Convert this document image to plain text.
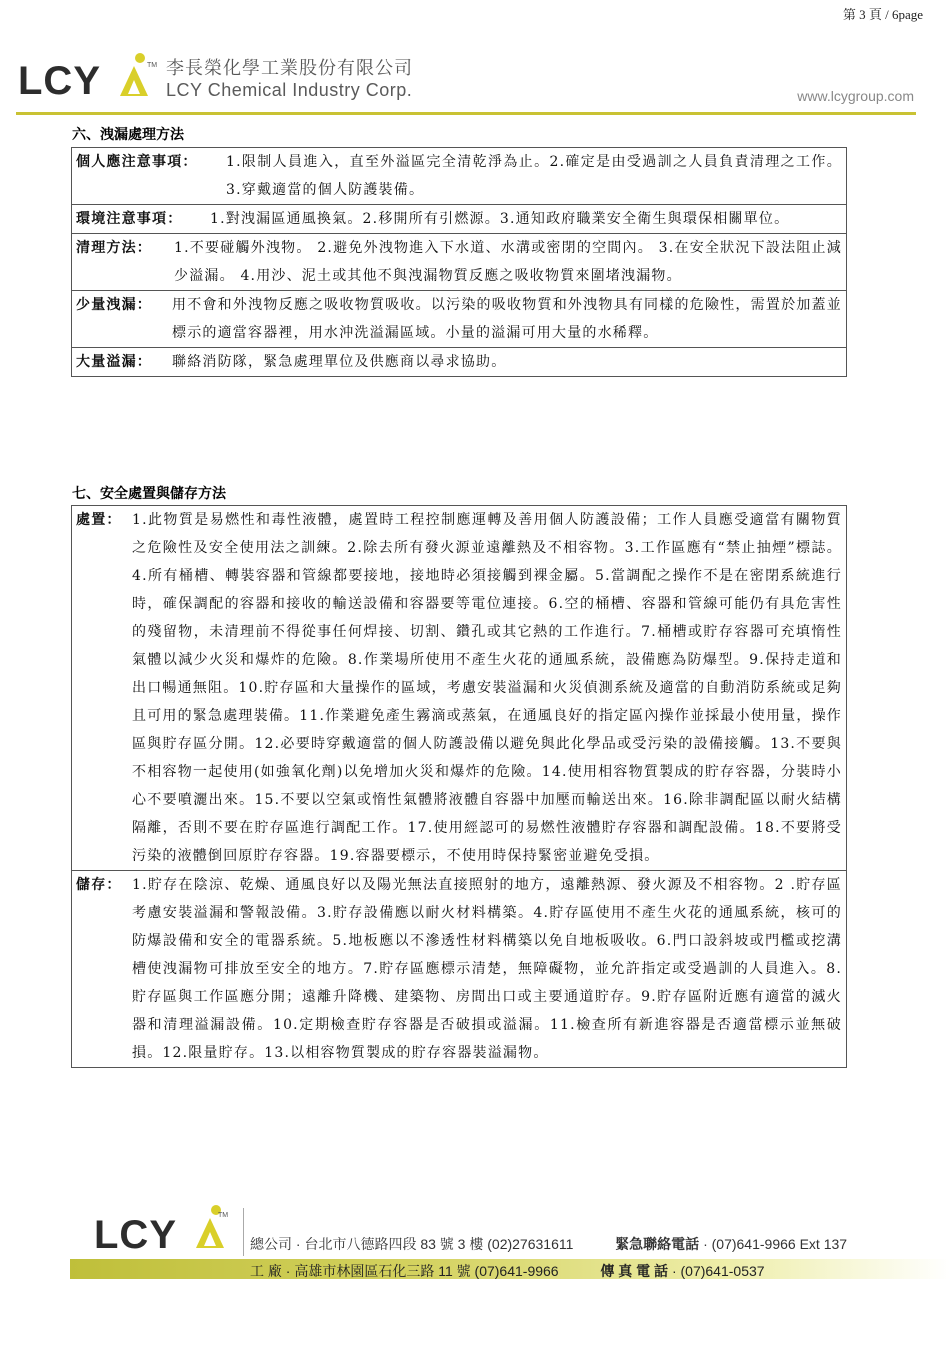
第 3 頁 / 6page
LCY	TM 李長榮化學工業股份有限公司
LCY Chemical Industry Corp.	www.lcygroup.com
六、洩漏處理方法
個人應注意事項： 1.限制人員進入，直至外溢區完全清乾淨為止。2.確定是由受過訓之人員負責清理之工作。3.穿戴適當的個人防護裝備。
環境注意事項： 1.對洩漏區通風換氣。2.移開所有引燃源。3.通知政府職業安全衛生與環保相關單位。
清理方法： 1.不要碰觸外洩物。 2.避免外洩物進入下水道、水溝或密閉的空間內。 3.在安全狀況下設法阻止減少溢漏。 4.用沙、泥土或其他不與洩漏物質反應之吸收物質來圍堵洩漏物。
少量洩漏： 用不會和外洩物反應之吸收物質吸收。以污染的吸收物質和外洩物具有同樣的危險性，需置於加蓋並標示的適當容器裡，用水沖洗溢漏區域。小量的溢漏可用大量的水稀釋。
大量溢漏： 聯絡消防隊，緊急處理單位及供應商以尋求協助。
七、安全處置與儲存方法
處置： 1.此物質是易燃性和毒性液體，處置時工程控制應運轉及善用個人防護設備；工作人員應受適當有關物質之危險性及安全使用法之訓練。2.除去所有發火源並遠離熱及不相容物。3.工作區應有“禁止抽煙”標誌。4.所有桶槽、轉裝容器和管線都要接地，接地時必須接觸到裸金屬。5.當調配之操作不是在密閉系統進行時，確保調配的容器和接收的輸送設備和容器要等電位連接。6.空的桶槽、容器和管線可能仍有具危害性的殘留物，未清理前不得從事任何焊接、切割、鑽孔或其它熱的工作進行。7.桶槽或貯存容器可充填惰性氣體以減少火災和爆炸的危險。8.作業場所使用不產生火花的通風系統，設備應為防爆型。9.保持走道和出口暢通無阻。10.貯存區和大量操作的區域，考慮安裝溢漏和火災偵測系統及適當的自動消防系統或足夠且可用的緊急處理裝備。11.作業避免產生霧滴或蒸氣，在通風良好的指定區內操作並採最小使用量，操作區與貯存區分開。12.必要時穿戴適當的個人防護設備以避免與此化學品或受污染的設備接觸。13.不要與不相容物一起使用(如強氧化劑)以免增加火災和爆炸的危險。14.使用相容物質製成的貯存容器，分裝時小心不要噴灑出來。15.不要以空氣或惰性氣體將液體自容器中加壓而輸送出來。16.除非調配區以耐火結構隔離，否則不要在貯存區進行調配工作。17.使用經認可的易燃性液體貯存容器和調配設備。18.不要將受污染的液體倒回原貯存容器。19.容器要標示，不使用時保持緊密並避免受損。
儲存： 1.貯存在陰涼、乾燥、通風良好以及陽光無法直接照射的地方，遠離熱源、發火源及不相容物。2 .貯存區考慮安裝溢漏和警報設備。3.貯存設備應以耐火材料構築。4.貯存區使用不產生火花的通風系統，核可的防爆設備和安全的電器系統。5.地板應以不滲透性材料構築以免自地板吸收。6.門口設斜坡或門檻或挖溝槽使洩漏物可排放至安全的地方。7.貯存區應標示清楚，無障礙物，並允許指定或受過訓的人員進入。8.貯存區與工作區應分開；遠離升降機、建築物、房間出口或主要通道貯存。9.貯存區附近應有適當的滅火器和清理溢漏設備。10.定期檢查貯存容器是否破損或溢漏。11.檢查所有新進容器是否適當標示並無破損。12.限量貯存。13.以相容物質製成的貯存容器裝溢漏物。
LCY	TM
總公司 · 台北市八德路四段 83 號 3 樓 (02)27631611	緊急聯絡電話 · (07)641-9966 Ext 137
工 廠 · 高雄市林園區石化三路 11 號 (07)641-9966	傳 真 電 話 · (07)641-0537
